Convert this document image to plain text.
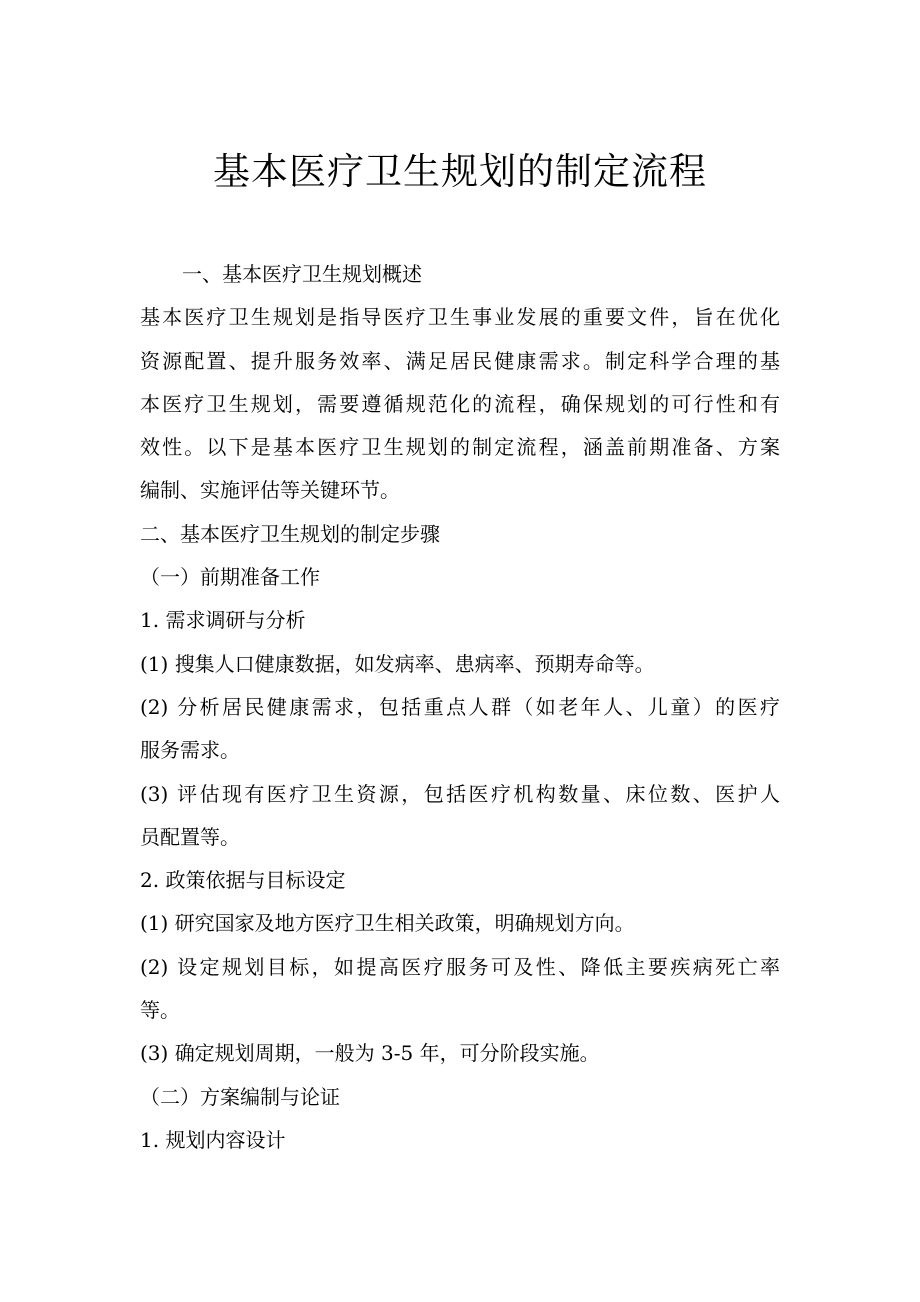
基本医疗卫生规划的制定流程
一、基本医疗卫生规划概述
基本医疗卫生规划是指导医疗卫生事业发展的重要文件，旨在优化
资源配置、提升服务效率、满足居民健康需求。制定科学合理的基
本医疗卫生规划，需要遵循规范化的流程，确保规划的可行性和有
效性。以下是基本医疗卫生规划的制定流程，涵盖前期准备、方案
编制、实施评估等关键环节。
二、基本医疗卫生规划的制定步骤
（一）前期准备工作
1. 需求调研与分析
(1) 搜集人口健康数据，如发病率、患病率、预期寿命等。
(2) 分析居民健康需求，包括重点人群（如老年人、儿童）的医疗
服务需求。
(3) 评估现有医疗卫生资源，包括医疗机构数量、床位数、医护人
员配置等。
2. 政策依据与目标设定
(1) 研究国家及地方医疗卫生相关政策，明确规划方向。
(2) 设定规划目标，如提高医疗服务可及性、降低主要疾病死亡率
等。
(3) 确定规划周期，一般为 3-5 年，可分阶段实施。
（二）方案编制与论证
1. 规划内容设计
